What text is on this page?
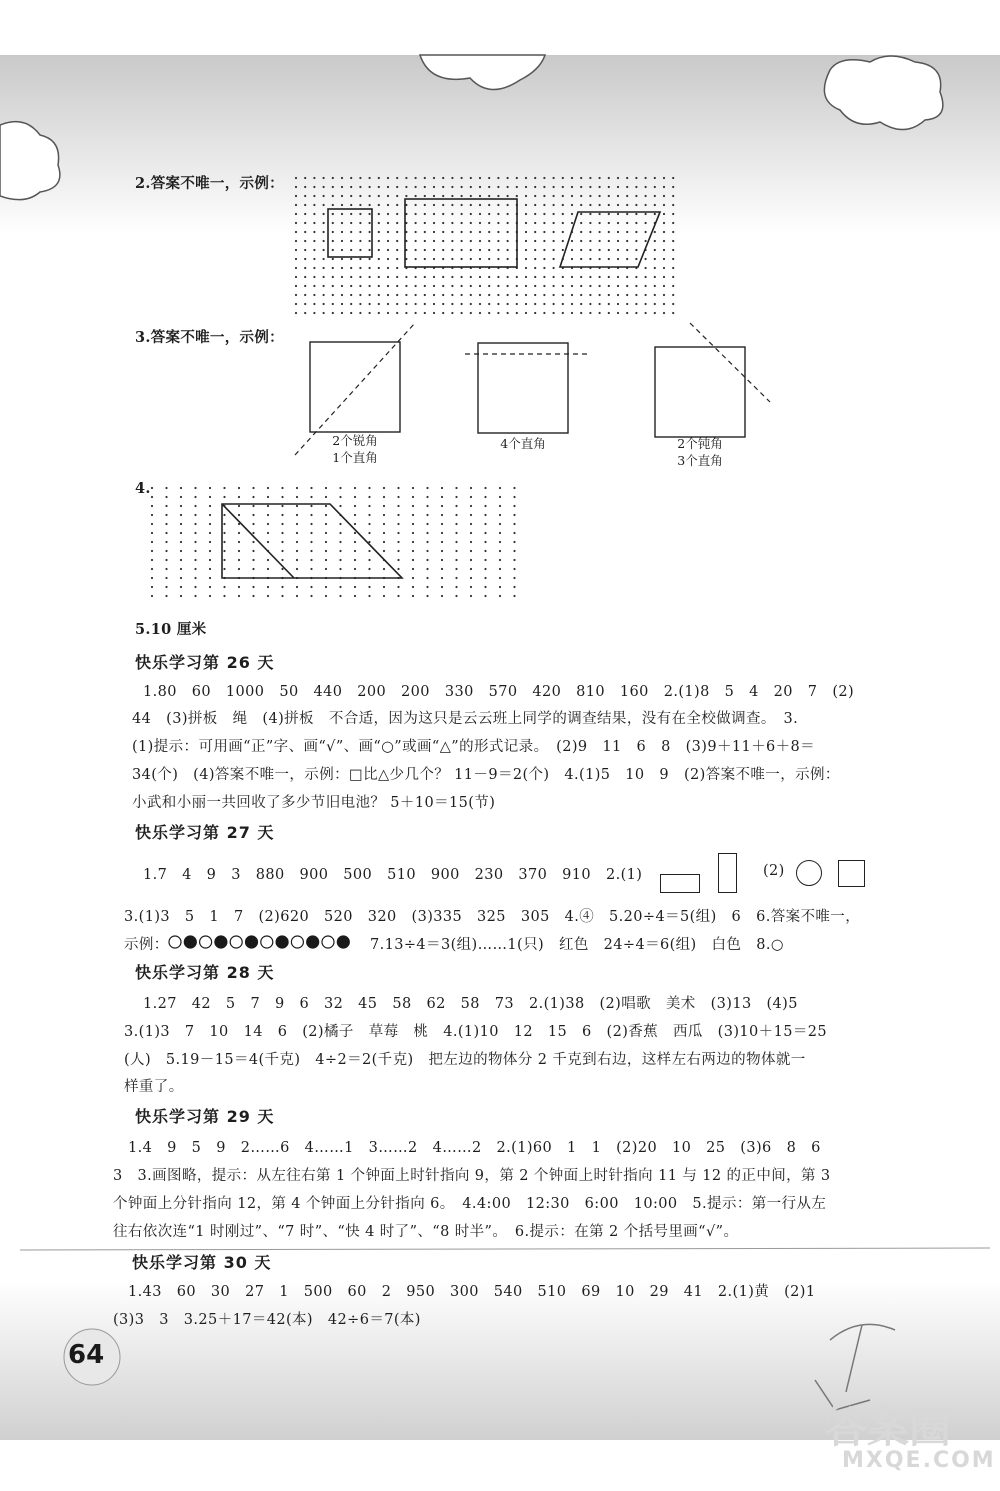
答案圈
MXQE.COM
2.答案不唯一，示例：
3.答案不唯一，示例：
2个锐角
1个直角
4个直角	2个钝角
3个直角
4.
5.10 厘米
快乐学习第 26 天
1.80　60　1000　50　440　200　200　330　570　420　810　160　2.(1)8　5　4　20　7　(2)
44　(3)拼板　绳　(4)拼板　不合适，因为这只是云云班上同学的调查结果，没有在全校做调查。　3.
(1)提示：可用画“正”字、画“√”、画“○”或画“△”的形式记录。　(2)9　11　6　8　(3)9＋11＋6＋8＝
34(个)　(4)答案不唯一，示例：□比△少几个？ 11－9＝2(个)　4.(1)5　10　9　(2)答案不唯一，示例：
小武和小丽一共回收了多少节旧电池？ 5＋10＝15(节)
快乐学习第 27 天
1.7　4　9　3　880　900　500　510　900　230　370　910　2.(1)	(2)
3.(1)3　5　1　7　(2)620　520　320　(3)335　325　305　4.④　5.20÷4＝5(组)　6　6.答案不唯一，
示例：	7.13÷4＝3(组)……1(只)　红色　24÷4＝6(组)　白色　8.○
快乐学习第 28 天
1.27　42　5　7　9　6　32　45　58　62　58　73　2.(1)38　(2)唱歌　美术　(3)13　(4)5
3.(1)3　7　10　14　6　(2)橘子　草莓　桃　4.(1)10　12　15　6　(2)香蕉　西瓜　(3)10＋15＝25
(人)　5.19－15＝4(千克)　4÷2＝2(千克)　把左边的物体分 2 千克到右边，这样左右两边的物体就一
样重了。
快乐学习第 29 天
1.4　9　5　9　2……6　4……1　3……2　4……2　2.(1)60　1　1　(2)20　10　25　(3)6　8　6
3　3.画图略，提示：从左往右第 1 个钟面上时针指向 9，第 2 个钟面上时针指向 11 与 12 的正中间，第 3
个钟面上分针指向 12，第 4 个钟面上分针指向 6。　4.4:00　12:30　6:00　10:00　5.提示：第一行从左
往右依次连“1 时刚过”、“7 时”、“快 4 时了”、“8 时半”。　6.提示：在第 2 个括号里画“√”。
快乐学习第 30 天
1.43　60　30　27　1　500　60　2　950　300　540　510　69　10　29　41　2.(1)黄　(2)1
(3)3　3　3.25＋17＝42(本)　42÷6＝7(本)
64
